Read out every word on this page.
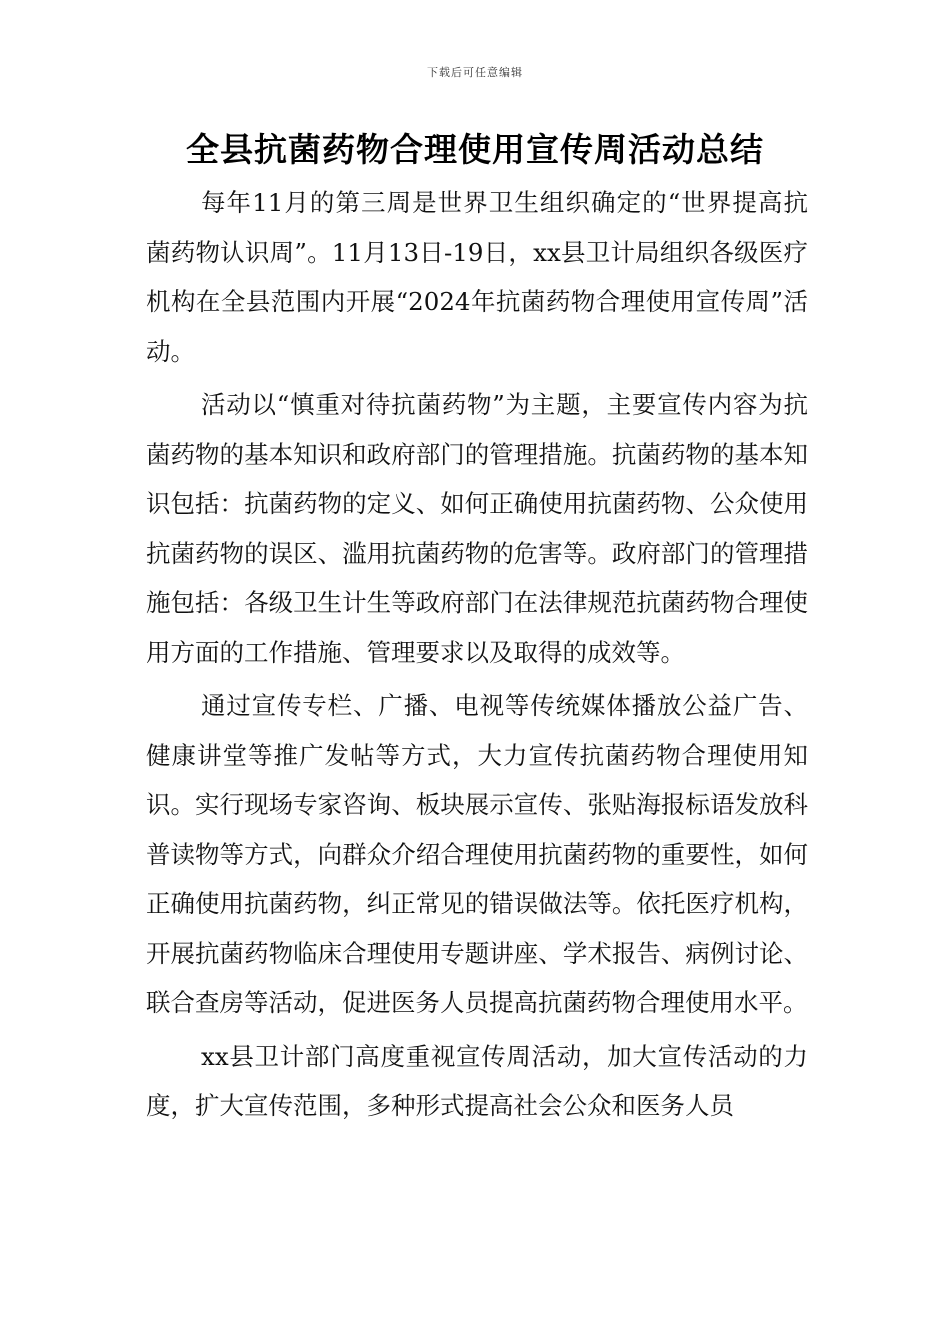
下载后可任意编辑
全县抗菌药物合理使用宣传周活动总结

每年11月的第三周是世界卫生组织确定的“世界提高抗菌药物认识周”。11月13日-19日，xx县卫计局组织各级医疗机构在全县范围内开展“2024年抗菌药物合理使用宣传周”活动。

活动以“慎重对待抗菌药物”为主题，主要宣传内容为抗菌药物的基本知识和政府部门的管理措施。抗菌药物的基本知识包括：抗菌药物的定义、如何正确使用抗菌药物、公众使用抗菌药物的误区、滥用抗菌药物的危害等。政府部门的管理措施包括：各级卫生计生等政府部门在法律规范抗菌药物合理使用方面的工作措施、管理要求以及取得的成效等。

通过宣传专栏、广播、电视等传统媒体播放公益广告、健康讲堂等推广发帖等方式，大力宣传抗菌药物合理使用知识。实行现场专家咨询、板块展示宣传、张贴海报标语发放科普读物等方式，向群众介绍合理使用抗菌药物的重要性，如何正确使用抗菌药物，纠正常见的错误做法等。依托医疗机构，开展抗菌药物临床合理使用专题讲座、学术报告、病例讨论、联合查房等活动，促进医务人员提高抗菌药物合理使用水平。

xx县卫计部门高度重视宣传周活动，加大宣传活动的力度，扩大宣传范围，多种形式提高社会公众和医务人员
